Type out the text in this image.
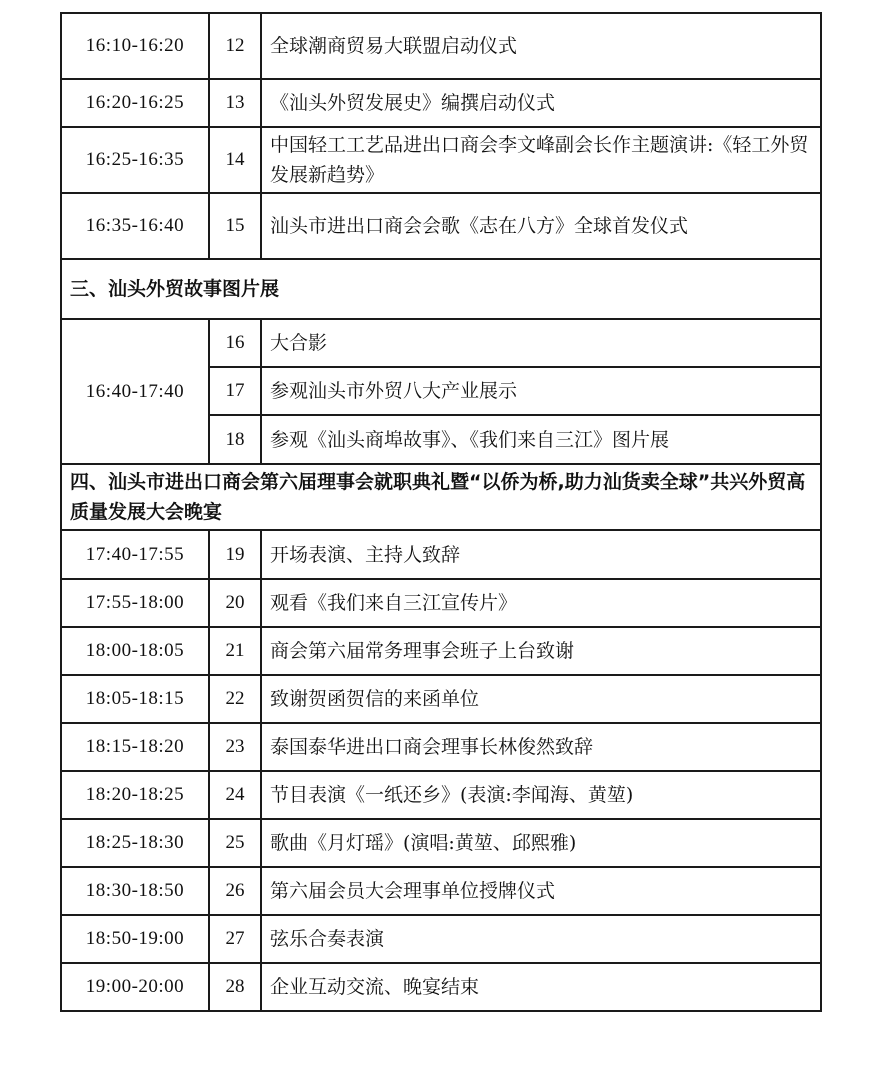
16:10-16:20	12	全球潮商贸易大联盟启动仪式
16:20-16:25	13	《汕头外贸发展史》编撰启动仪式
16:25-16:35	14	中国轻工工艺品进出口商会李文峰副会长作主题演讲:《轻工外贸发展新趋势》
16:35-16:40	15	汕头市进出口商会会歌《志在八方》全球首发仪式
三、汕头外贸故事图片展		
16:40-17:40	16	大合影
	17	参观汕头市外贸八大产业展示
	18	参观《汕头商埠故事》、《我们来自三江》图片展
四、汕头市进出口商会第六届理事会就职典礼暨“以侨为桥,助力汕货卖全球”共兴外贸高质量发展大会晚宴		
17:40-17:55	19	开场表演、主持人致辞
17:55-18:00	20	观看《我们来自三江宣传片》
18:00-18:05	21	商会第六届常务理事会班子上台致谢
18:05-18:15	22	致谢贺函贺信的来函单位
18:15-18:20	23	泰国泰华进出口商会理事长林俊然致辞
18:20-18:25	24	节目表演《一纸还乡》(表演:李闻海、黄堃)
18:25-18:30	25	歌曲《月灯瑶》(演唱:黄堃、邱熙雅)
18:30-18:50	26	第六届会员大会理事单位授牌仪式
18:50-19:00	27	弦乐合奏表演
19:00-20:00	28	企业互动交流、晚宴结束
